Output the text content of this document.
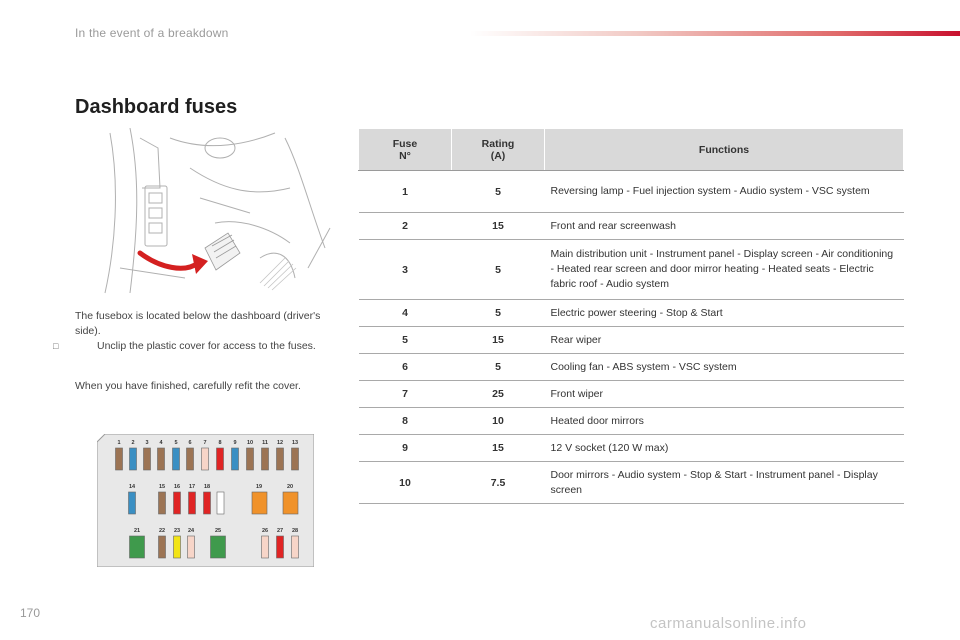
In the event of a breakdown
Dashboard fuses
The fusebox is located below the dashboard (driver's side).
□	Unclip the plastic cover for access to the fuses.
When you have finished, carefully refit the cover.
1 2 3 4 5 6 7 8 9 10 11 12 13
14	15 16 17 18	19	20
21	22 23 24	25	26 27 28
Fuse
N°	Rating
(A)	Functions
1	5	Reversing lamp - Fuel injection system - Audio system - VSC system
2	15	Front and rear screenwash
3	5	Main distribution unit - Instrument panel - Display screen - Air conditioning - Heated rear screen and door mirror heating - Heated seats - Electric fabric roof - Audio system
4	5	Electric power steering - Stop & Start
5	15	Rear wiper
6	5	Cooling fan - ABS system - VSC system
7	25	Front wiper
8	10	Heated door mirrors
9	15	12 V socket (120 W max)
10	7.5	Door mirrors - Audio system - Stop & Start - Instrument panel - Display screen
170
carmanualsonline.info
